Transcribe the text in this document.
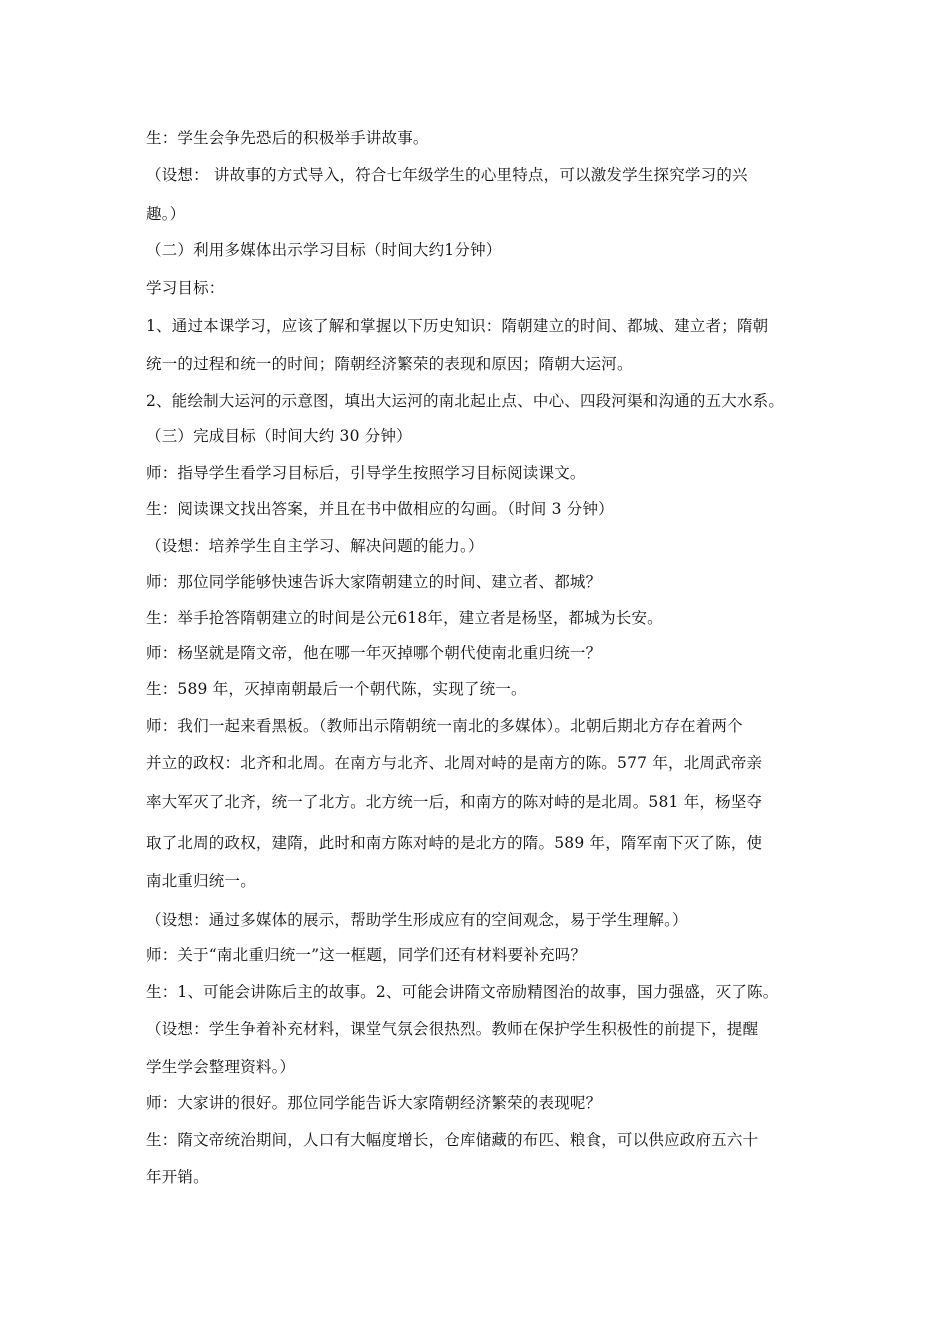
生：学生会争先恐后的积极举手讲故事。
（设想： 讲故事的方式导入，符合七年级学生的心里特点，可以激发学生探究学习的兴
趣。）
（二）利用多媒体出示学习目标（时间大约1分钟）
学习目标：
1、通过本课学习，应该了解和掌握以下历史知识：隋朝建立的时间、都城、建立者；隋朝
统一的过程和统一的时间；隋朝经济繁荣的表现和原因；隋朝大运河。
2、能绘制大运河的示意图，填出大运河的南北起止点、中心、四段河渠和沟通的五大水系。
（三）完成目标（时间大约 30 分钟）
师：指导学生看学习目标后，引导学生按照学习目标阅读课文。
生：阅读课文找出答案，并且在书中做相应的勾画。（时间 3 分钟）
（设想：培养学生自主学习、解决问题的能力。）
师：那位同学能够快速告诉大家隋朝建立的时间、建立者、都城？
生：举手抢答隋朝建立的时间是公元618年，建立者是杨坚，都城为长安。
师：杨坚就是隋文帝，他在哪一年灭掉哪个朝代使南北重归统一？
生：589 年，灭掉南朝最后一个朝代陈，实现了统一。
师：我们一起来看黑板。（教师出示隋朝统一南北的多媒体）。北朝后期北方存在着两个
并立的政权：北齐和北周。在南方与北齐、北周对峙的是南方的陈。577 年，北周武帝亲
率大军灭了北齐，统一了北方。北方统一后，和南方的陈对峙的是北周。581 年，杨坚夺
取了北周的政权，建隋，此时和南方陈对峙的是北方的隋。589 年，隋军南下灭了陈，使
南北重归统一。
（设想：通过多媒体的展示，帮助学生形成应有的空间观念，易于学生理解。）
师：关于“南北重归统一”这一框题，同学们还有材料要补充吗？
生：1、可能会讲陈后主的故事。2、可能会讲隋文帝励精图治的故事，国力强盛，灭了陈。
（设想：学生争着补充材料，课堂气氛会很热烈。教师在保护学生积极性的前提下，提醒
学生学会整理资料。）
师：大家讲的很好。那位同学能告诉大家隋朝经济繁荣的表现呢？
生：隋文帝统治期间，人口有大幅度增长，仓库储藏的布匹、粮食，可以供应政府五六十
年开销。
